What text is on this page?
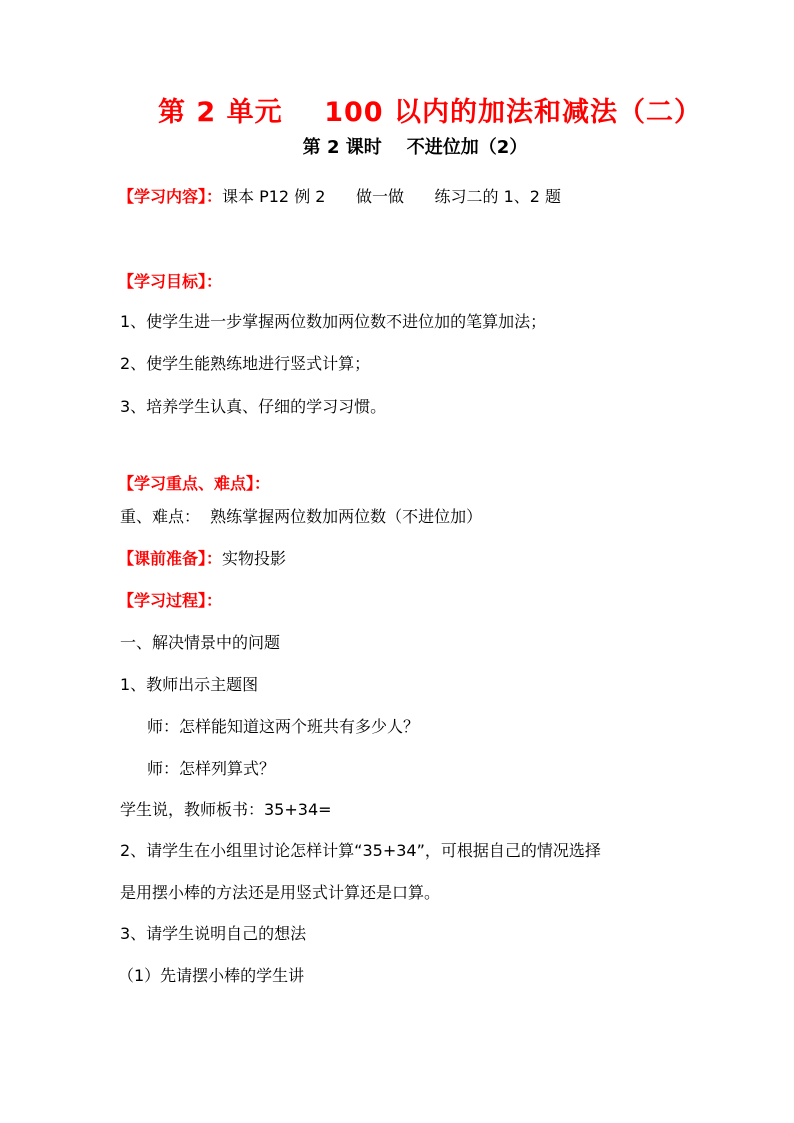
第 2 单元    100 以内的加法和减法（二）
第 2 课时    不进位加（2）
【学习内容】：课本 P12 例 2      做一做      练习二的 1、2 题
【学习目标】：
1、使学生进一步掌握两位数加两位数不进位加的笔算加法；
2、使学生能熟练地进行竖式计算；
3、培养学生认真、仔细的学习习惯。
【学习重点、难点】：
重、难点：  熟练掌握两位数加两位数（不进位加）
【课前准备】：实物投影
【学习过程】：
一、解决情景中的问题
1、教师出示主题图
师：怎样能知道这两个班共有多少人？
师：怎样列算式？
学生说，教师板书：35+34=
2、请学生在小组里讨论怎样计算“35+34”，可根据自己的情况选择
是用摆小棒的方法还是用竖式计算还是口算。
3、请学生说明自己的想法
（1）先请摆小棒的学生讲
